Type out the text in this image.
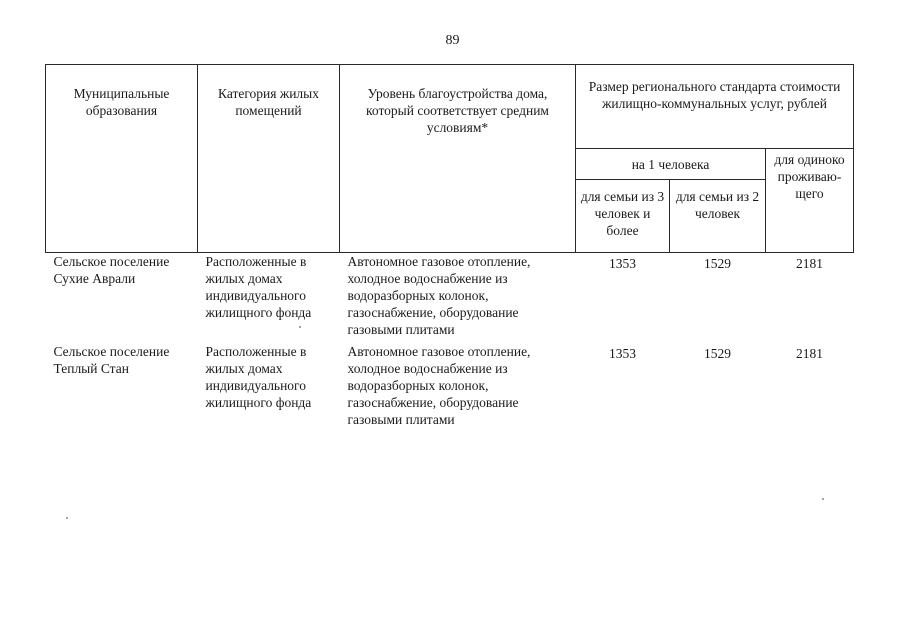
89
Муниципальные образования	Категория жилых помещений	Уровень благоустройства дома, который соответствует средним условиям*	Размер регионального стандарта стоимости жилищно-коммунальных услуг, рублей		
			на 1 человека		для одиноко проживаю-щего
			для семьи из 3 человек и более	для семьи из 2 человек	
Сельское поселение Сухие Аврали	Расположенные в жилых домах индивидуального жилищного фонда	Автономное газовое отопление, холодное водоснабжение из водоразборных колонок, газоснабжение, оборудование газовыми плитами	1353	1529	2181
Сельское поселение Теплый Стан	Расположенные в жилых домах индивидуального жилищного фонда	Автономное газовое отопление, холодное водоснабжение из водоразборных колонок, газоснабжение, оборудование газовыми плитами	1353	1529	2181
